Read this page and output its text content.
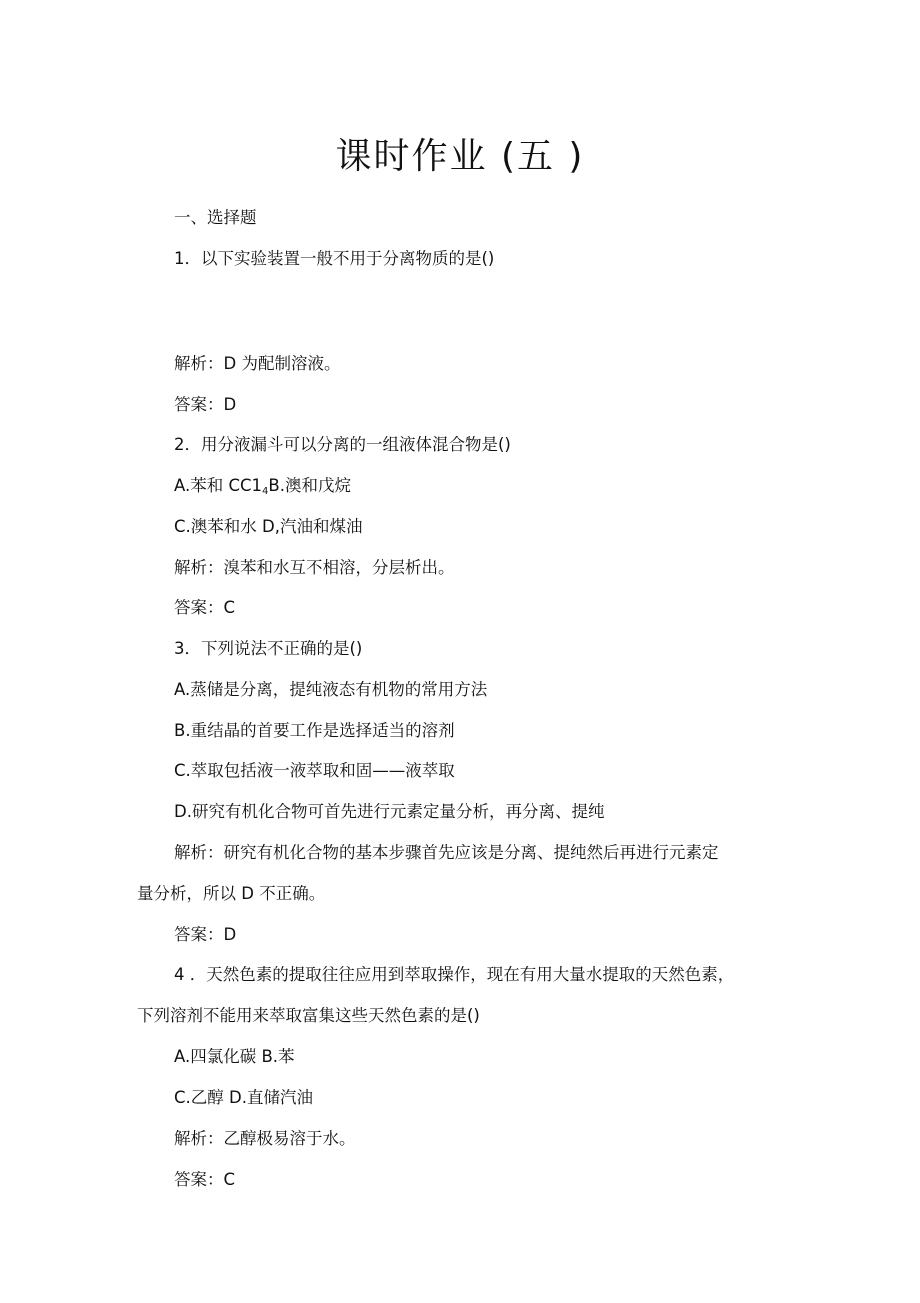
课时作业 (五 )
一、选择题
1．以下实验装置一般不用于分离物质的是()
解析：D 为配制溶液。
答案：D
2．用分液漏斗可以分离的一组液体混合物是()
A.苯和 $CC1_4B$.澳和戊烷
C.澳苯和水 D,汽油和煤油
解析：溴苯和水互不相溶，分层析出。
答案：C
3．下列说法不正确的是()
A.蒸储是分离，提纯液态有机物的常用方法
B.重结晶的首要工作是选择适当的溶剂
C.萃取包括液一液萃取和固——液萃取
D.研究有机化合物可首先进行元素定量分析，再分离、提纯
解析：研究有机化合物的基本步骤首先应该是分离、提纯然后再进行元素定
量分析，所以 D 不正确。
答案：D
4 ．天然色素的提取往往应用到萃取操作，现在有用大量水提取的天然色素，
下列溶剂不能用来萃取富集这些天然色素的是()
A.四氯化碳 B.苯
C.乙醇 D.直储汽油
解析：乙醇极易溶于水。
答案：C
